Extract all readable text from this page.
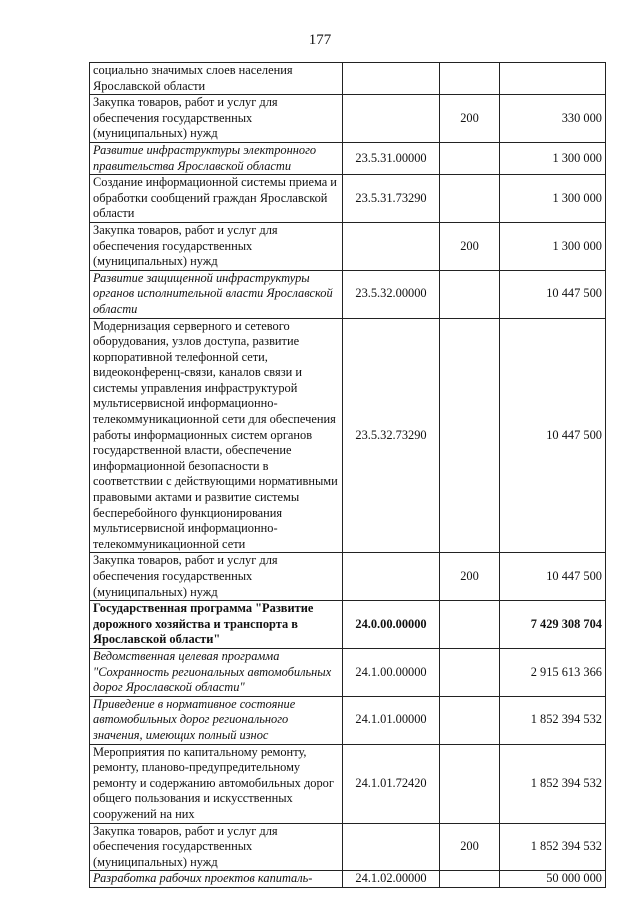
177
социально значимых слоев населения Ярославской области			
Закупка товаров, работ и услуг для обеспечения государственных (муниципальных) нужд		200	330 000
Развитие инфраструктуры электронного правительства Ярославской области	23.5.31.00000		1 300 000
Создание информационной системы приема и обработки сообщений граждан Ярославской области	23.5.31.73290		1 300 000
Закупка товаров, работ и услуг для обеспечения государственных (муниципальных) нужд		200	1 300 000
Развитие защищенной инфраструктуры органов исполнительной власти Ярославской области	23.5.32.00000		10 447 500
Модернизация серверного и сетевого оборудования, узлов доступа, развитие корпоративной телефонной сети, видеоконференц-связи, каналов связи и системы управления инфраструктурой мультисервисной информационно-телекоммуникационной сети для обеспечения работы информационных систем органов государственной власти, обеспечение информационной безопасности в соответствии с действующими нормативными правовыми актами и развитие системы бесперебойного функционирования мультисервисной информационно-телекоммуникационной сети	23.5.32.73290		10 447 500
Закупка товаров, работ и услуг для обеспечения государственных (муниципальных) нужд		200	10 447 500
Государственная программа "Развитие дорожного хозяйства и транспорта в Ярославской области"	24.0.00.00000		7 429 308 704
Ведомственная целевая программа "Сохранность региональных автомобильных дорог Ярославской области"	24.1.00.00000		2 915 613 366
Приведение в нормативное состояние автомобильных дорог регионального значения, имеющих полный износ	24.1.01.00000		1 852 394 532
Мероприятия по капитальному ремонту, ремонту, планово-предупредительному ремонту и содержанию автомобильных дорог общего пользования и искусственных сооружений на них	24.1.01.72420		1 852 394 532
Закупка товаров, работ и услуг для обеспечения государственных (муниципальных) нужд		200	1 852 394 532
Разработка рабочих проектов капиталь-	24.1.02.00000		50 000 000
